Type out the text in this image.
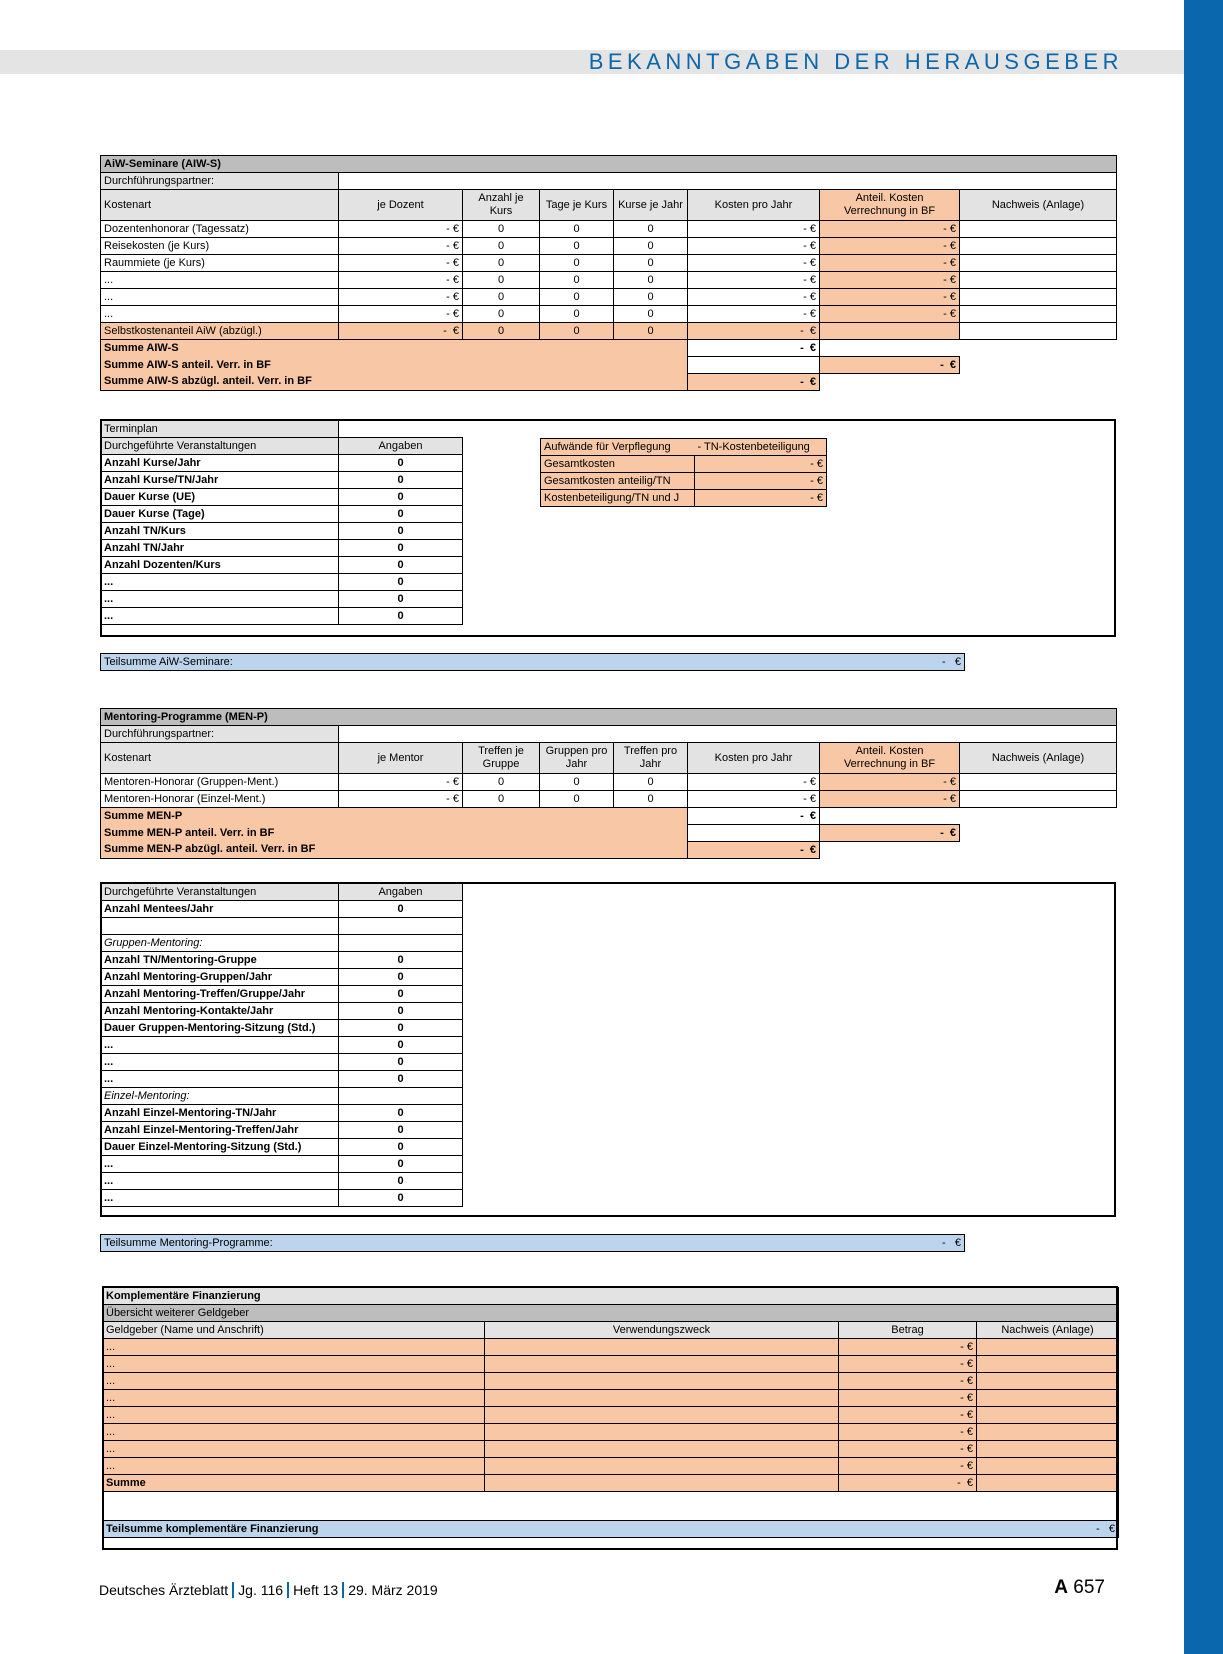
BEKANNTGABEN DER HERAUSGEBER
AiW-Seminare (AIW-S)							
Durchführungspartner:							
Kostenart	je Dozent	Anzahl je Kurs	Tage je Kurs	Kurse je Jahr	Kosten pro Jahr	Anteil. Kosten Verrechnung in BF	Nachweis (Anlage)
Dozentenhonorar (Tagessatz)	- €	0	0	0	- €	- €	
Reisekosten (je Kurs)	- €	0	0	0	- €	- €	
Raummiete (je Kurs)	- €	0	0	0	- €	- €	
...	- €	0	0	0	- €	- €	
...	- €	0	0	0	- €	- €	
...	- €	0	0	0	- €	- €	
Selbstkostenanteil AiW (abzügl.)	- €	0	0	0	- €		
Summe AIW-S					- €		
Summe AIW-S anteil. Verr. in BF						- €	
Summe AIW-S abzügl. anteil. Verr. in BF					- €		
Terminplan	
Durchgeführte Veranstaltungen	Angaben
Anzahl Kurse/Jahr	0
Anzahl Kurse/TN/Jahr	0
Dauer Kurse (UE)	0
Dauer Kurse (Tage)	0
Anzahl TN/Kurs	0
Anzahl TN/Jahr	0
Anzahl Dozenten/Kurs	0
...	0
...	0
...	0
Aufwände für Verpflegung	- TN-Kostenbeteiligung
Gesamtkosten	- €
Gesamtkosten anteilig/TN	- €
Kostenbeteiligung/TN und J	- €
Teilsumme AiW-Seminare:	- €
Mentoring-Programme (MEN-P)							
Durchführungspartner:							
Kostenart	je Mentor	Treffen je Gruppe	Gruppen pro Jahr	Treffen pro Jahr	Kosten pro Jahr	Anteil. Kosten Verrechnung in BF	Nachweis (Anlage)
Mentoren-Honorar (Gruppen-Ment.)	- €	0	0	0	- €	- €	
Mentoren-Honorar (Einzel-Ment.)	- €	0	0	0	- €	- €	
Summe MEN-P					- €		
Summe MEN-P anteil. Verr. in BF						- €	
Summe MEN-P abzügl. anteil. Verr. in BF					- €		
Durchgeführte Veranstaltungen	Angaben
Anzahl Mentees/Jahr	0

Gruppen-Mentoring:	
Anzahl TN/Mentoring-Gruppe	0
Anzahl Mentoring-Gruppen/Jahr	0
Anzahl Mentoring-Treffen/Gruppe/Jahr	0
Anzahl Mentoring-Kontakte/Jahr	0
Dauer Gruppen-Mentoring-Sitzung (Std.)	0
...	0
...	0
...	0
Einzel-Mentoring:	
Anzahl Einzel-Mentoring-TN/Jahr	0
Anzahl Einzel-Mentoring-Treffen/Jahr	0
Dauer Einzel-Mentoring-Sitzung (Std.)	0
...	0
...	0
...	0
Teilsumme Mentoring-Programme:	- €
Komplementäre Finanzierung			
Übersicht weiterer Geldgeber			
Geldgeber (Name und Anschrift)	Verwendungszweck	Betrag	Nachweis (Anlage)
...		- €	
...		- €	
...		- €	
...		- €	
...		- €	
...		- €	
...		- €	
...		- €	
Summe		- €	

Teilsumme komplementäre Finanzierung			- €
Deutsches Ärzteblatt Jg. 116 Heft 13 29. März 2019	A 657
